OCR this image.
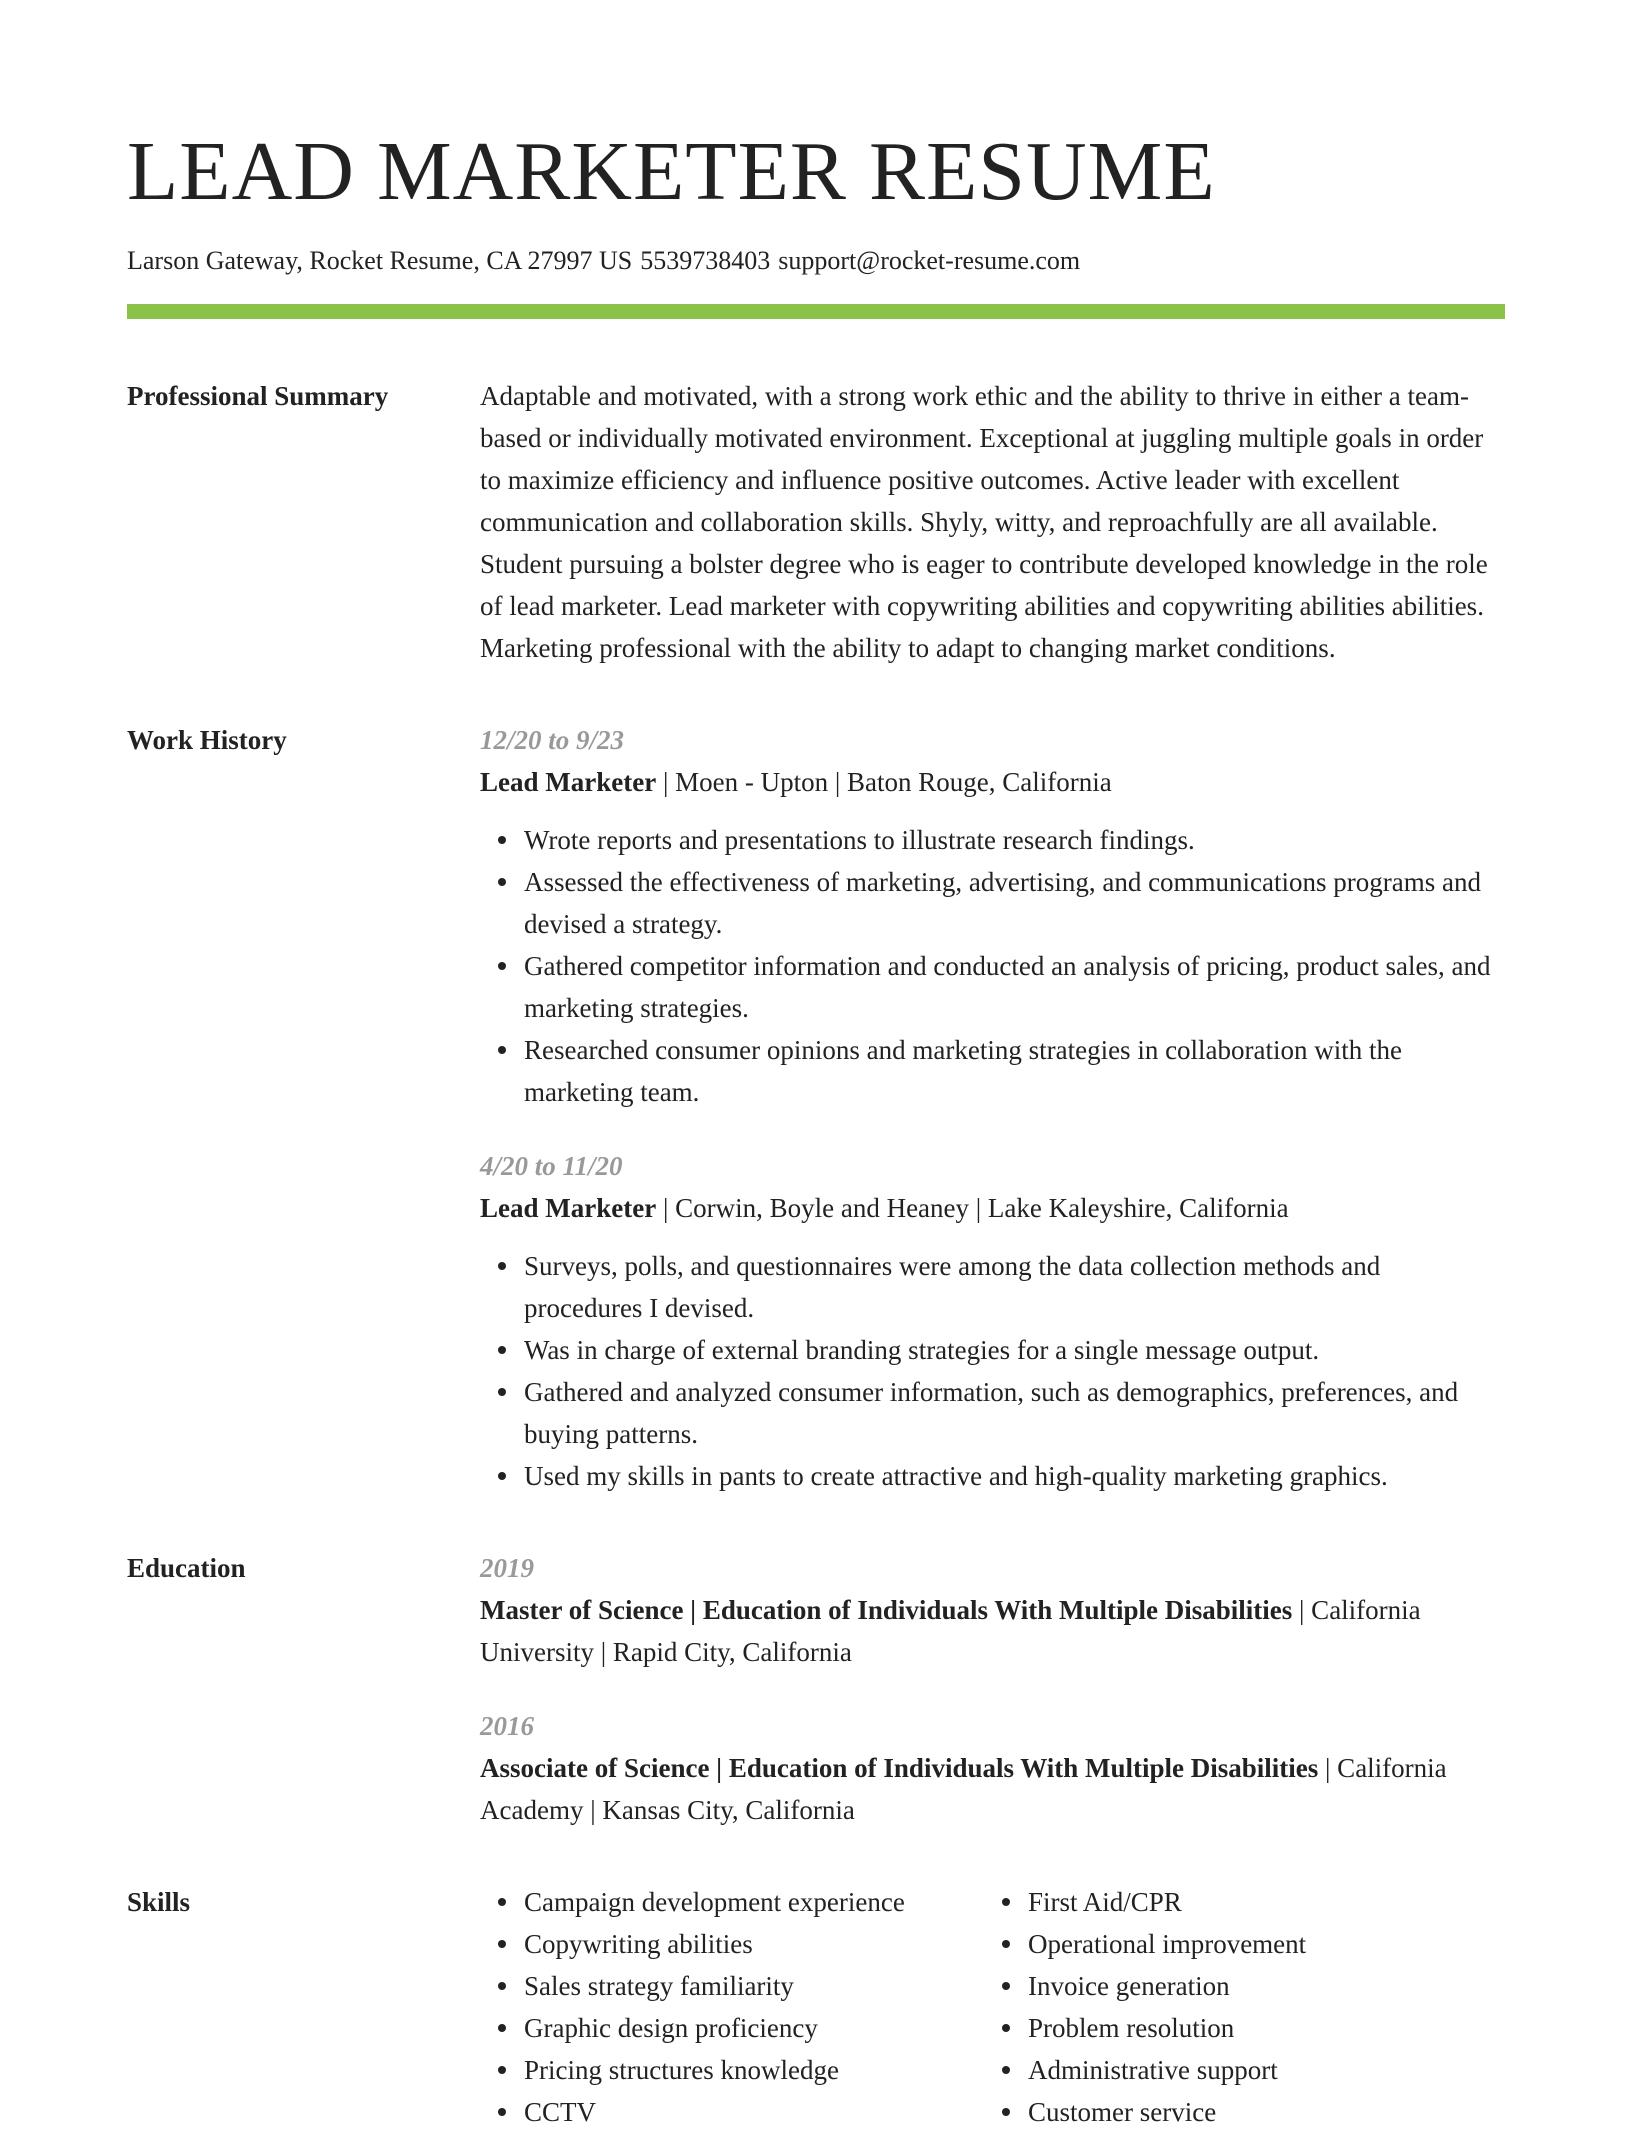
LEAD MARKETER RESUME
Larson Gateway, Rocket Resume, CA 27997 US 5539738403 support@rocket-resume.com
Professional Summary	Adaptable and motivated, with a strong work ethic and the ability to thrive in either a team-based or individually motivated environment. Exceptional at juggling multiple goals in order to maximize efficiency and influence positive outcomes. Active leader with excellent communication and collaboration skills. Shyly, witty, and reproachfully are all available. Student pursuing a bolster degree who is eager to contribute developed knowledge in the role of lead marketer. Lead marketer with copywriting abilities and copywriting abilities abilities. Marketing professional with the ability to adapt to changing market conditions.

Work History	12/20 to 9/23
Lead Marketer | Moen - Upton | Baton Rouge, California
Wrote reports and presentations to illustrate research findings.
Assessed the effectiveness of marketing, advertising, and communications programs and devised a strategy.
Gathered competitor information and conducted an analysis of pricing, product sales, and marketing strategies.
Researched consumer opinions and marketing strategies in collaboration with the marketing team.
4/20 to 11/20
Lead Marketer | Corwin, Boyle and Heaney | Lake Kaleyshire, California
Surveys, polls, and questionnaires were among the data collection methods and procedures I devised.
Was in charge of external branding strategies for a single message output.
Gathered and analyzed consumer information, such as demographics, preferences, and buying patterns.
Used my skills in pants to create attractive and high-quality marketing graphics.
Education	2019
Master of Science | Education of Individuals With Multiple Disabilities | California University | Rapid City, California
2016
Associate of Science | Education of Individuals With Multiple Disabilities | California Academy | Kansas City, California
Skills	Campaign development experience
Copywriting abilities
Sales strategy familiarity
Graphic design proficiency
Pricing structures knowledge
CCTV
First Aid/CPR
Operational improvement
Invoice generation
Problem resolution
Administrative support
Customer service
